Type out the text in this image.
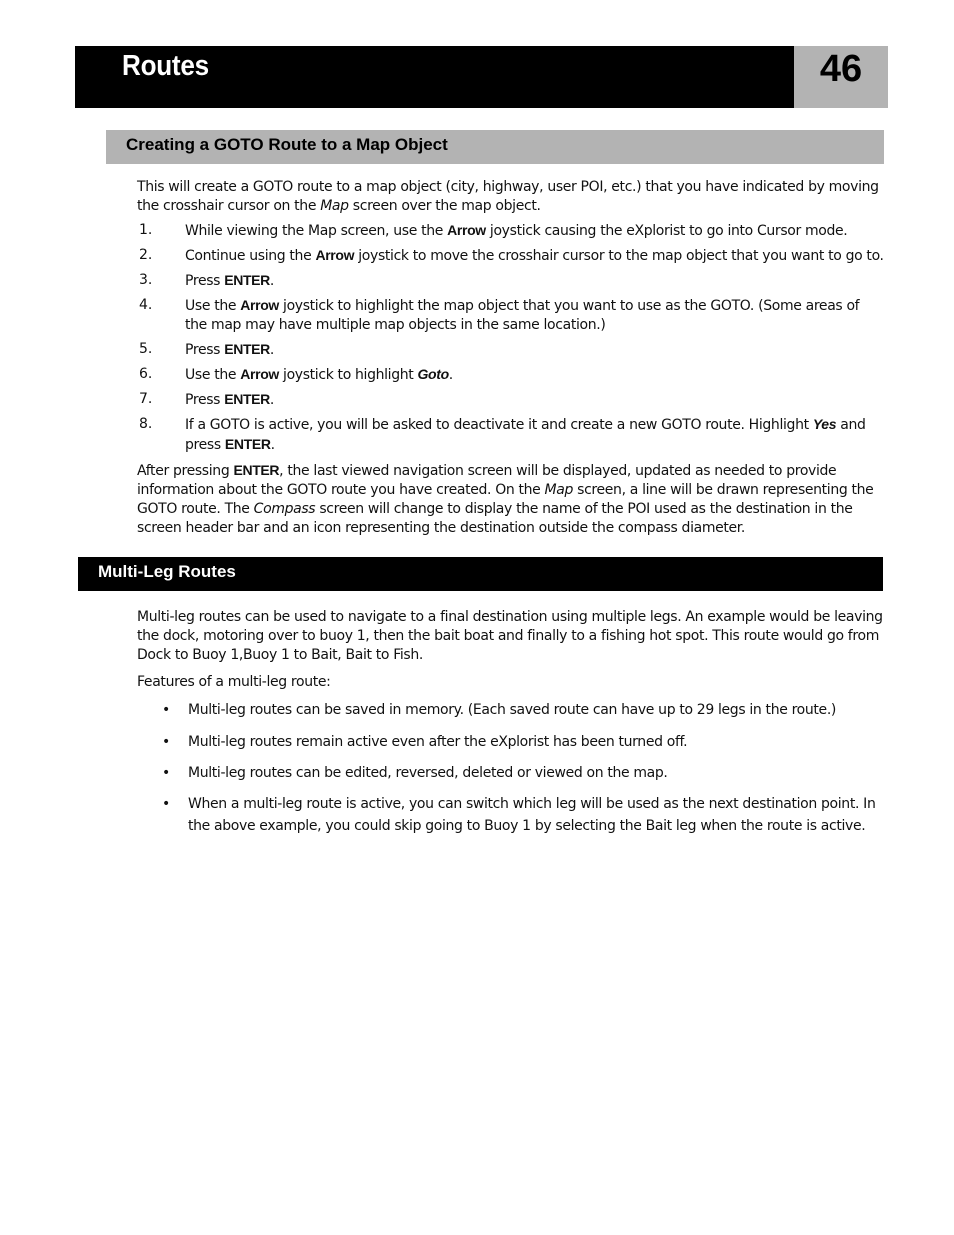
Routes	46
Creating a GOTO Route to a Map Object
This will create a GOTO route to a map object (city, highway, user POI, etc.) that you have indicated by moving the crosshair cursor on the Map screen over the map object.
1. While viewing the Map screen, use the Arrow joystick causing the eXplorist to go into Cursor mode.
2. Continue using the Arrow joystick to move the crosshair cursor to the map object that you want to go to.
3. Press ENTER.
4. Use the Arrow joystick to highlight the map object that you want to use as the GOTO. (Some areas of the map may have multiple map objects in the same location.)
5. Press ENTER.
6. Use the Arrow joystick to highlight Goto.
7. Press ENTER.
8. If a GOTO is active, you will be asked to deactivate it and create a new GOTO route. Highlight Yes and press ENTER.
After pressing ENTER, the last viewed navigation screen will be displayed, updated as needed to provide information about the GOTO route you have created. On the Map screen, a line will be drawn representing the GOTO route. The Compass screen will change to display the name of the POI used as the destination in the screen header bar and an icon representing the destination outside the compass diameter.
Multi-Leg Routes
Multi-leg routes can be used to navigate to a final destination using multiple legs. An example would be leaving the dock, motoring over to buoy 1, then the bait boat and finally to a fishing hot spot. This route would go from Dock to Buoy 1,Buoy 1 to Bait, Bait to Fish.
Features of a multi-leg route:
• Multi-leg routes can be saved in memory. (Each saved route can have up to 29 legs in the route.)
• Multi-leg routes remain active even after the eXplorist has been turned off.
• Multi-leg routes can be edited, reversed, deleted or viewed on the map.
• When a multi-leg route is active, you can switch which leg will be used as the next destination point. In the above example, you could skip going to Buoy 1 by selecting the Bait leg when the route is active.
